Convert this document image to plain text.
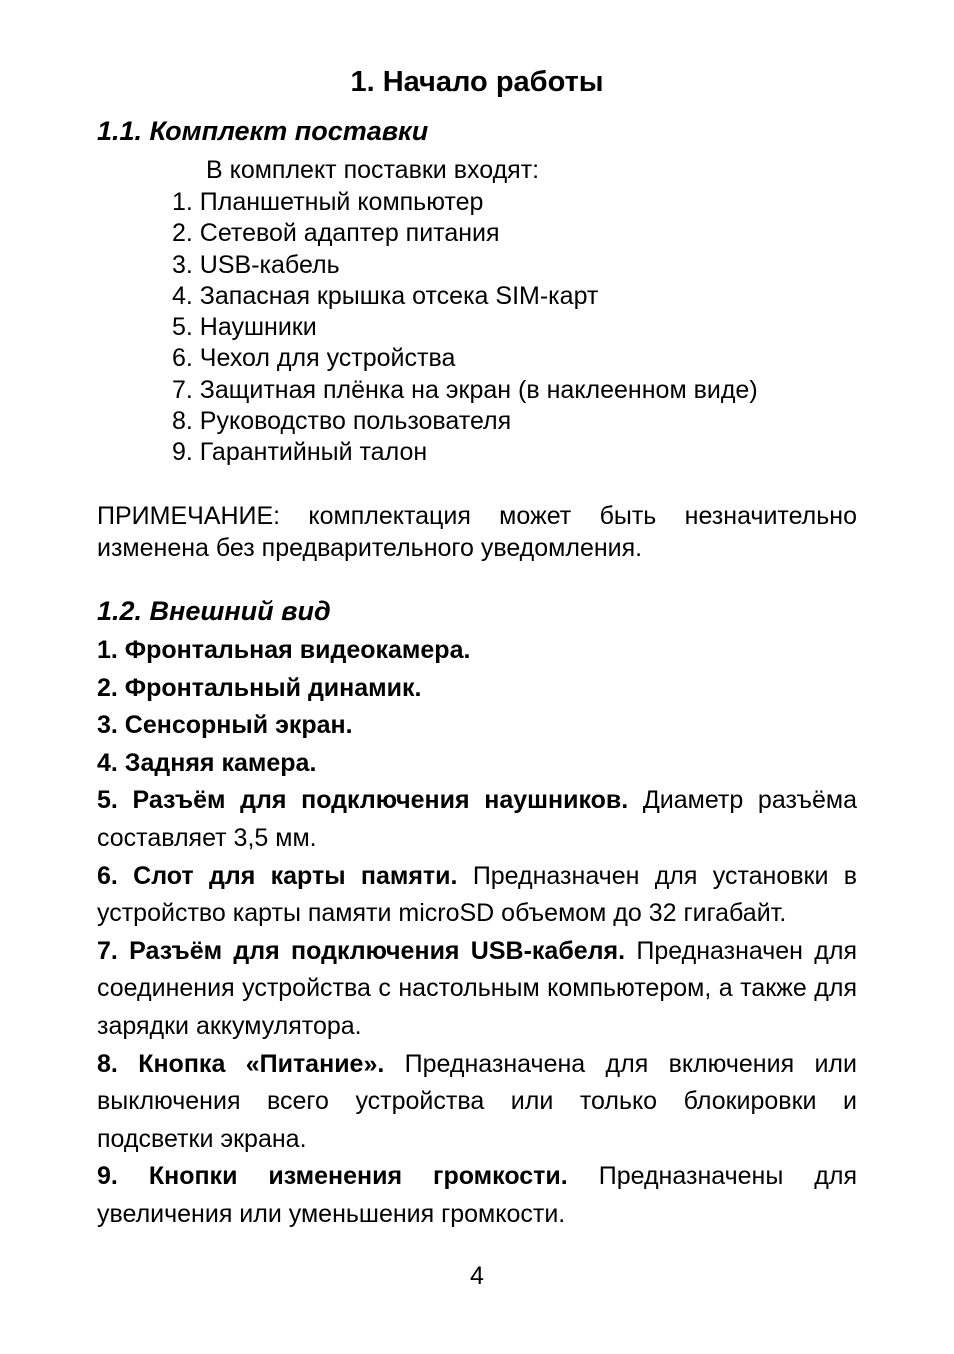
1. Начало работы
1.1. Комплект поставки

В комплект поставки входят:

1. Планшетный компьютер
2. Сетевой адаптер питания
3. USB-кабель
4. Запасная крышка отсека SIM-карт
5. Наушники
6. Чехол для устройства
7. Защитная плёнка на экран (в наклеенном виде)
8. Руководство пользователя
9. Гарантийный талон

ПРИМЕЧАНИЕ: комплектация может быть незначительно изменена без предварительного уведомления.

1.2. Внешний вид
1. Фронтальная видеокамера.
2. Фронтальный динамик.
3. Сенсорный экран.
4. Задняя камера.
5. Разъём для подключения наушников. Диаметр разъёма составляет 3,5 мм.
6. Слот для карты памяти. Предназначен для установки в устройство карты памяти microSD объемом до 32 гигабайт.
7. Разъём для подключения USB-кабеля. Предназначен для соединения устройства с настольным компьютером, а также для зарядки аккумулятора.
8. Кнопка «Питание». Предназначена для включения или выключения всего устройства или только блокировки и подсветки экрана.
9. Кнопки изменения громкости. Предназначены для увеличения или уменьшения громкости.

4
